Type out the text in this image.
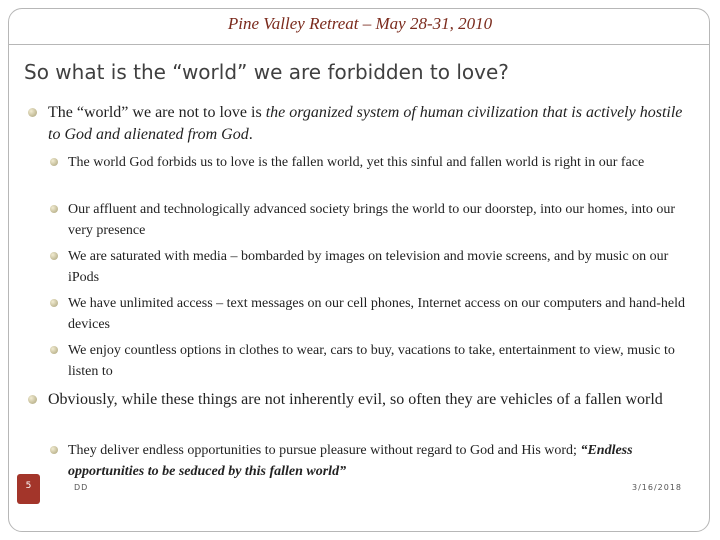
Pine Valley Retreat – May 28-31, 2010
So what is the “world” we are forbidden to love?
The “world” we are not to love is the organized system of human civilization that is actively hostile to God and alienated from God.
The world God forbids us to love is the fallen world, yet this sinful and fallen world is right in our face
Our affluent and technologically advanced society brings the world to our doorstep, into our homes, into our very presence
We are saturated with media – bombarded by images on television and movie screens, and by music on our iPods
We have unlimited access – text messages on our cell phones, Internet access on our computers and hand-held devices
We enjoy countless options in clothes to wear, cars to buy, vacations to take, entertainment to view, music to listen to
Obviously, while these things are not inherently evil, so often they are vehicles of a fallen world
They deliver endless opportunities to pursue pleasure without regard to God and His word; “Endless opportunities to be seduced by this fallen world”
5	DD	3/16/2018
